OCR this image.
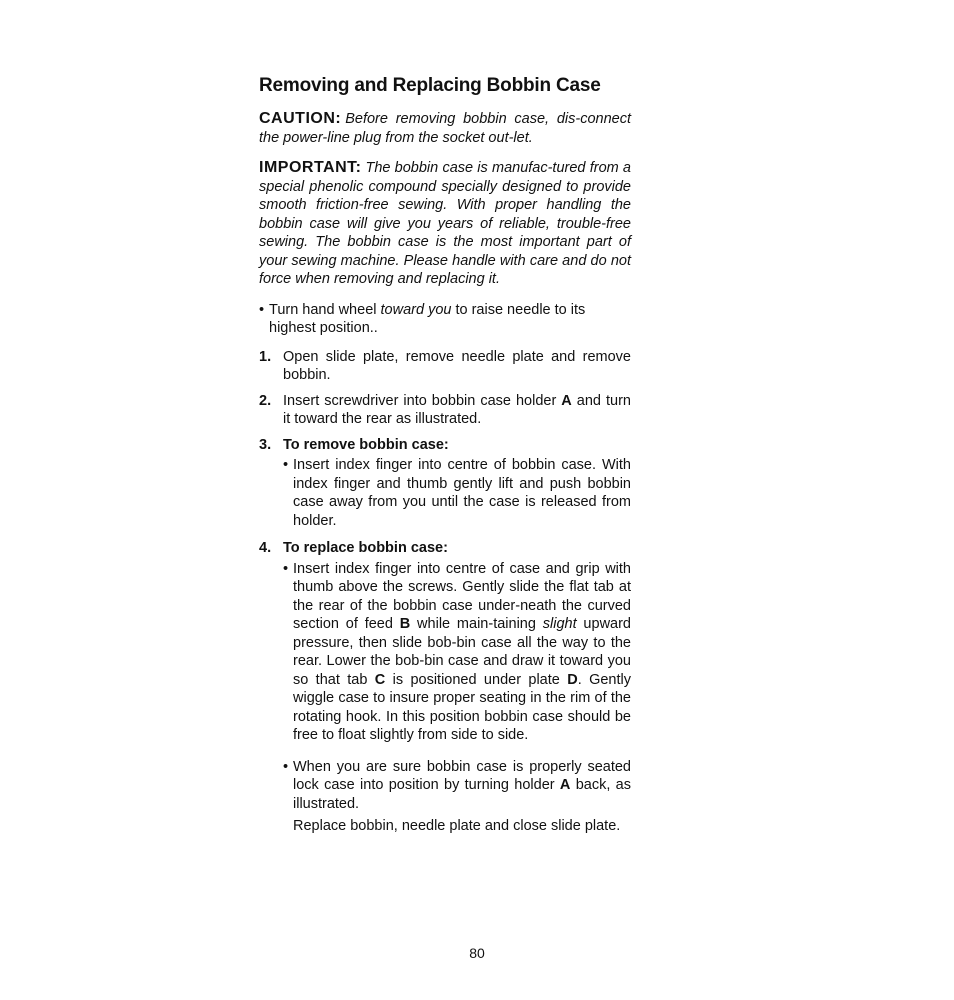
Removing and Replacing Bobbin Case
CAUTION: Before removing bobbin case, dis-connect the power-line plug from the socket out-let.
IMPORTANT: The bobbin case is manufac-tured from a special phenolic compound specially designed to provide smooth friction-free sewing. With proper handling the bobbin case will give you years of reliable, trouble-free sewing. The bobbin case is the most important part of your sewing machine. Please handle with care and do not force when removing and replacing it.
• Turn hand wheel toward you to raise needle to its highest position..
1. Open slide plate, remove needle plate and remove bobbin.
2. Insert screwdriver into bobbin case holder A and turn it toward the rear as illustrated.
3. To remove bobbin case:
• Insert index finger into centre of bobbin case. With index finger and thumb gently lift and push bobbin case away from you until the case is released from holder.
4. To replace bobbin case:
• Insert index finger into centre of case and grip with thumb above the screws. Gently slide the flat tab at the rear of the bobbin case under-neath the curved section of feed B while main-taining slight upward pressure, then slide bob-bin case all the way to the rear. Lower the bob-bin case and draw it toward you so that tab C is positioned under plate D. Gently wiggle case to insure proper seating in the rim of the rotating hook. In this position bobbin case should be free to float slightly from side to side.
• When you are sure bobbin case is properly seated lock case into position by turning holder A back, as illustrated.
Replace bobbin, needle plate and close slide plate.
80
